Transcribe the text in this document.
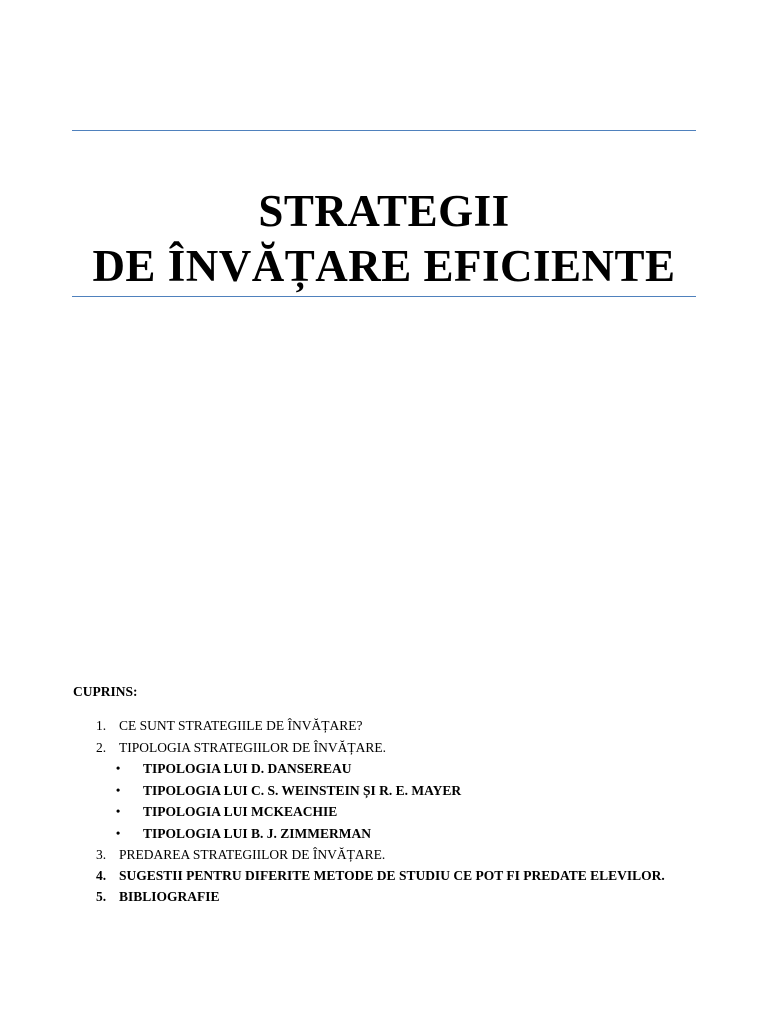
STRATEGII
DE ÎNVĂȚARE EFICIENTE
CUPRINS:
1. CE SUNT STRATEGIILE DE ÎNVĂȚARE?
2. TIPOLOGIA STRATEGIILOR DE ÎNVĂȚARE.
• TIPOLOGIA LUI D. DANSEREAU
• TIPOLOGIA LUI C. S. WEINSTEIN ȘI R. E. MAYER
• TIPOLOGIA LUI MCKEACHIE
• TIPOLOGIA LUI B. J. ZIMMERMAN
3. PREDAREA STRATEGIILOR DE ÎNVĂȚARE.
4. SUGESTII PENTRU DIFERITE METODE DE STUDIU CE POT FI PREDATE ELEVILOR.
5. BIBLIOGRAFIE
